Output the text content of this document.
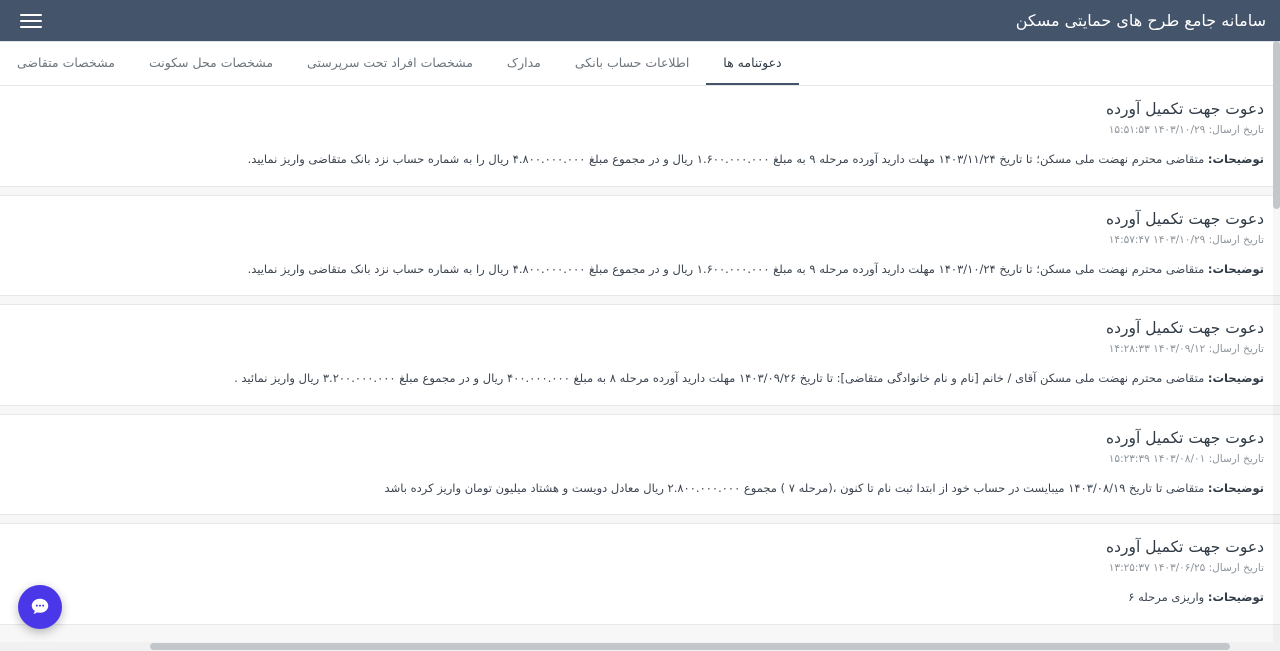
سامانه جامع طرح های حمایتی مسکن
مشخصات متقاضی	مشخصات محل سکونت	مشخصات افراد تحت سرپرستی	مدارک	اطلاعات حساب بانکی	دعوتنامه ها
دعوت جهت تکمیل آورده
تاریخ ارسال: ۱۴۰۳/۱۰/۲۹ ۱۵:۵۱:۵۳
توضیحات: متقاضی محترم نهضت ملی مسکن؛ تا تاریخ ۱۴۰۳/۱۱/۲۴ مهلت دارید آورده مرحله ۹ به مبلغ ۱.۶۰۰.۰۰۰.۰۰۰ ریال و در مجموع مبلغ ۴.۸۰۰.۰۰۰.۰۰۰ ریال را به شماره حساب نزد بانک متقاضی واریز نمایید.
دعوت جهت تکمیل آورده
تاریخ ارسال: ۱۴۰۳/۱۰/۲۹ ۱۴:۵۷:۴۷
توضیحات: متقاضی محترم نهضت ملی مسکن؛ تا تاریخ ۱۴۰۳/۱۰/۲۴ مهلت دارید آورده مرحله ۹ به مبلغ ۱.۶۰۰.۰۰۰.۰۰۰ ریال و در مجموع مبلغ ۴.۸۰۰.۰۰۰.۰۰۰ ریال را به شماره حساب نزد بانک متقاضی واریز نمایید.
دعوت جهت تکمیل آورده
تاریخ ارسال: ۱۴۰۳/۰۹/۱۲ ۱۴:۲۸:۳۳
توضیحات: متقاضی محترم نهضت ملی مسکن آقای / خانم [نام و نام خانوادگی متقاضی]: تا تاریخ ۱۴۰۳/۰۹/۲۶ مهلت دارید آورده مرحله ۸ به مبلغ ۴۰۰.۰۰۰.۰۰۰ ریال و در مجموع مبلغ ۳.۲۰۰.۰۰۰.۰۰۰ ریال واریز نمائید .
دعوت جهت تکمیل آورده
تاریخ ارسال: ۱۴۰۳/۰۸/۰۱ ۱۵:۲۳:۳۹
توضیحات: متقاضی تا تاریخ ۱۴۰۳/۰۸/۱۹ میبایست در حساب خود از ابتدا ثبت نام تا کنون ،(مرحله ۷ ) مجموع ۲.۸۰۰.۰۰۰.۰۰۰ ریال معادل دویست و هشتاد میلیون تومان واریز کرده باشد
دعوت جهت تکمیل آورده
تاریخ ارسال: ۱۴۰۳/۰۶/۲۵ ۱۳:۲۵:۳۷
توضیحات: واریزی مرحله ۶
